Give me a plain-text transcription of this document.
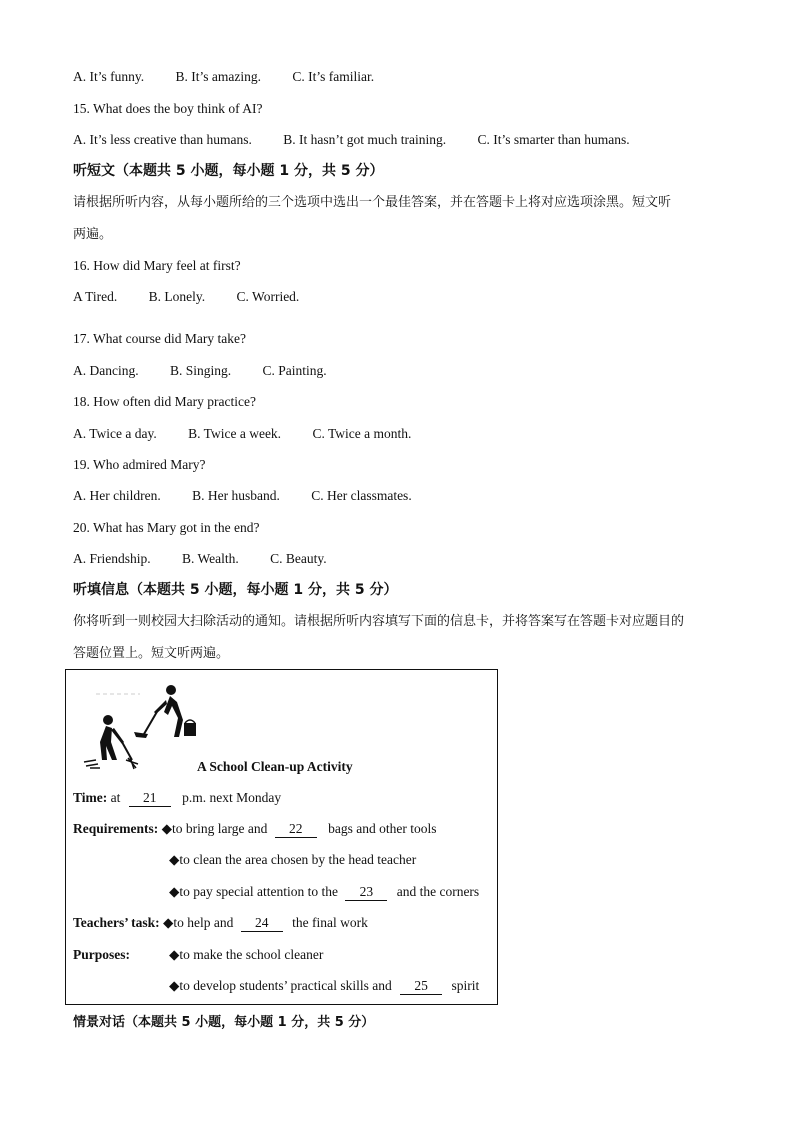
A. It’s funny. B. It’s amazing. C. It’s familiar.
15. What does the boy think of AI?
A. It’s less creative than humans. B. It hasn’t got much training. C. It’s smarter than humans.
听短文（本题共 5 小题，每小题 1 分，共 5 分）
请根据所听内容，从每小题所给的三个选项中选出一个最佳答案，并在答题卡上将对应选项涂黑。短文听
两遍。
16. How did Mary feel at first?
A Tired. B. Lonely. C. Worried.
17. What course did Mary take?
A. Dancing. B. Singing. C. Painting.
18. How often did Mary practice?
A. Twice a day. B. Twice a week. C. Twice a month.
19. Who admired Mary?
A. Her children. B. Her husband. C. Her classmates.
20. What has Mary got in the end?
A. Friendship. B. Wealth. C. Beauty.
听填信息（本题共 5 小题，每小题 1 分，共 5 分）
你将听到一则校园大扫除活动的通知。请根据所听内容填写下面的信息卡，并将答案写在答题卡对应题目的
答题位置上。短文听两遍。
A School Clean-up Activity
Time: at 21 p.m. next Monday
Requirements: ◆to bring large and 22 bags and other tools
◆to clean the area chosen by the head teacher
◆to pay special attention to the 23 and the corners
Teachers’ task: ◆to help and 24 the final work
Purposes:	◆to make the school cleaner
◆to develop students’ practical skills and 25 spirit
情景对话（本题共 5 小题，每小题 1 分，共 5 分）
